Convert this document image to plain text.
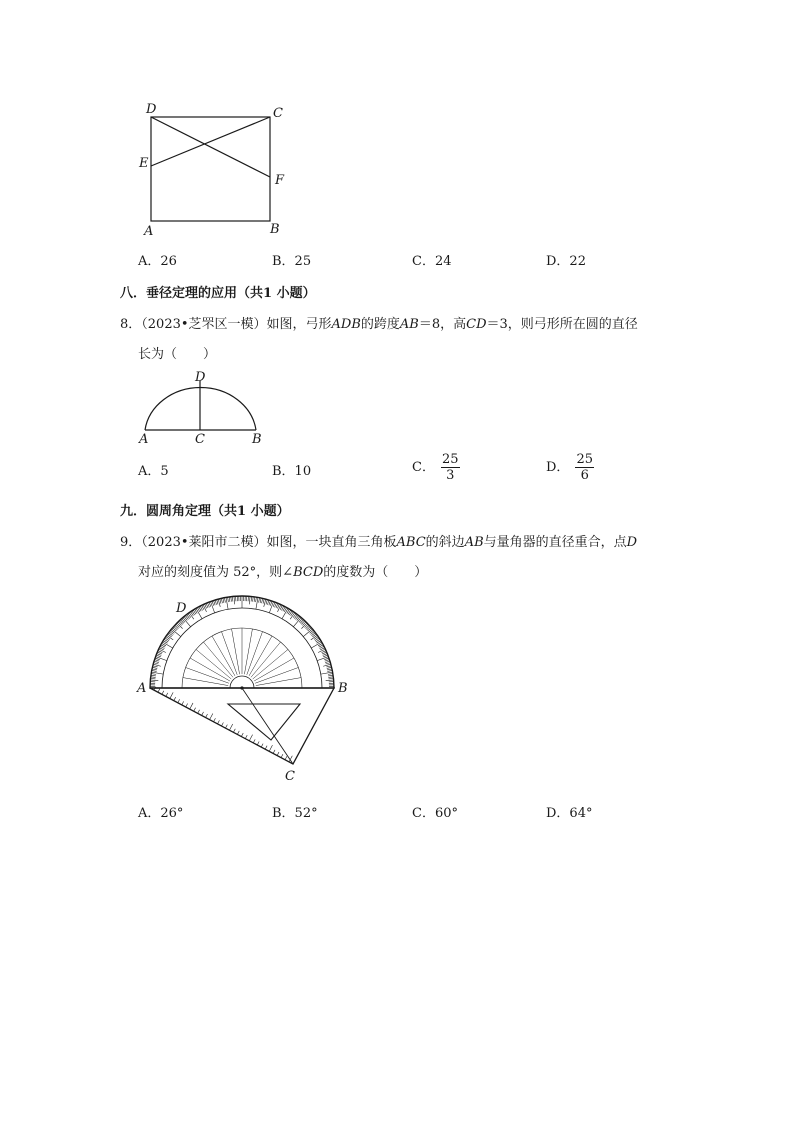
D	C
E
F
A	B
A．26	B．25	C．24	D．22
八．垂径定理的应用（共1 小题）
8．（2023•芝罘区一模）如图，弓形ADB的跨度AB＝8，高CD＝3，则弓形所在圆的直径
长为（　　）
D
A	C	B
A．5	B．10	C． $\frac{25}{3}$	D． $\frac{25}{6}$
九．圆周角定理（共1 小题）
9．（2023•莱阳市二模）如图，一块直角三角板ABC的斜边AB与量角器的直径重合，点D
对应的刻度值为 52°，则∠BCD的度数为（　　）
D
A	B
C
A．26°	B．52°	C．60°	D．64°
